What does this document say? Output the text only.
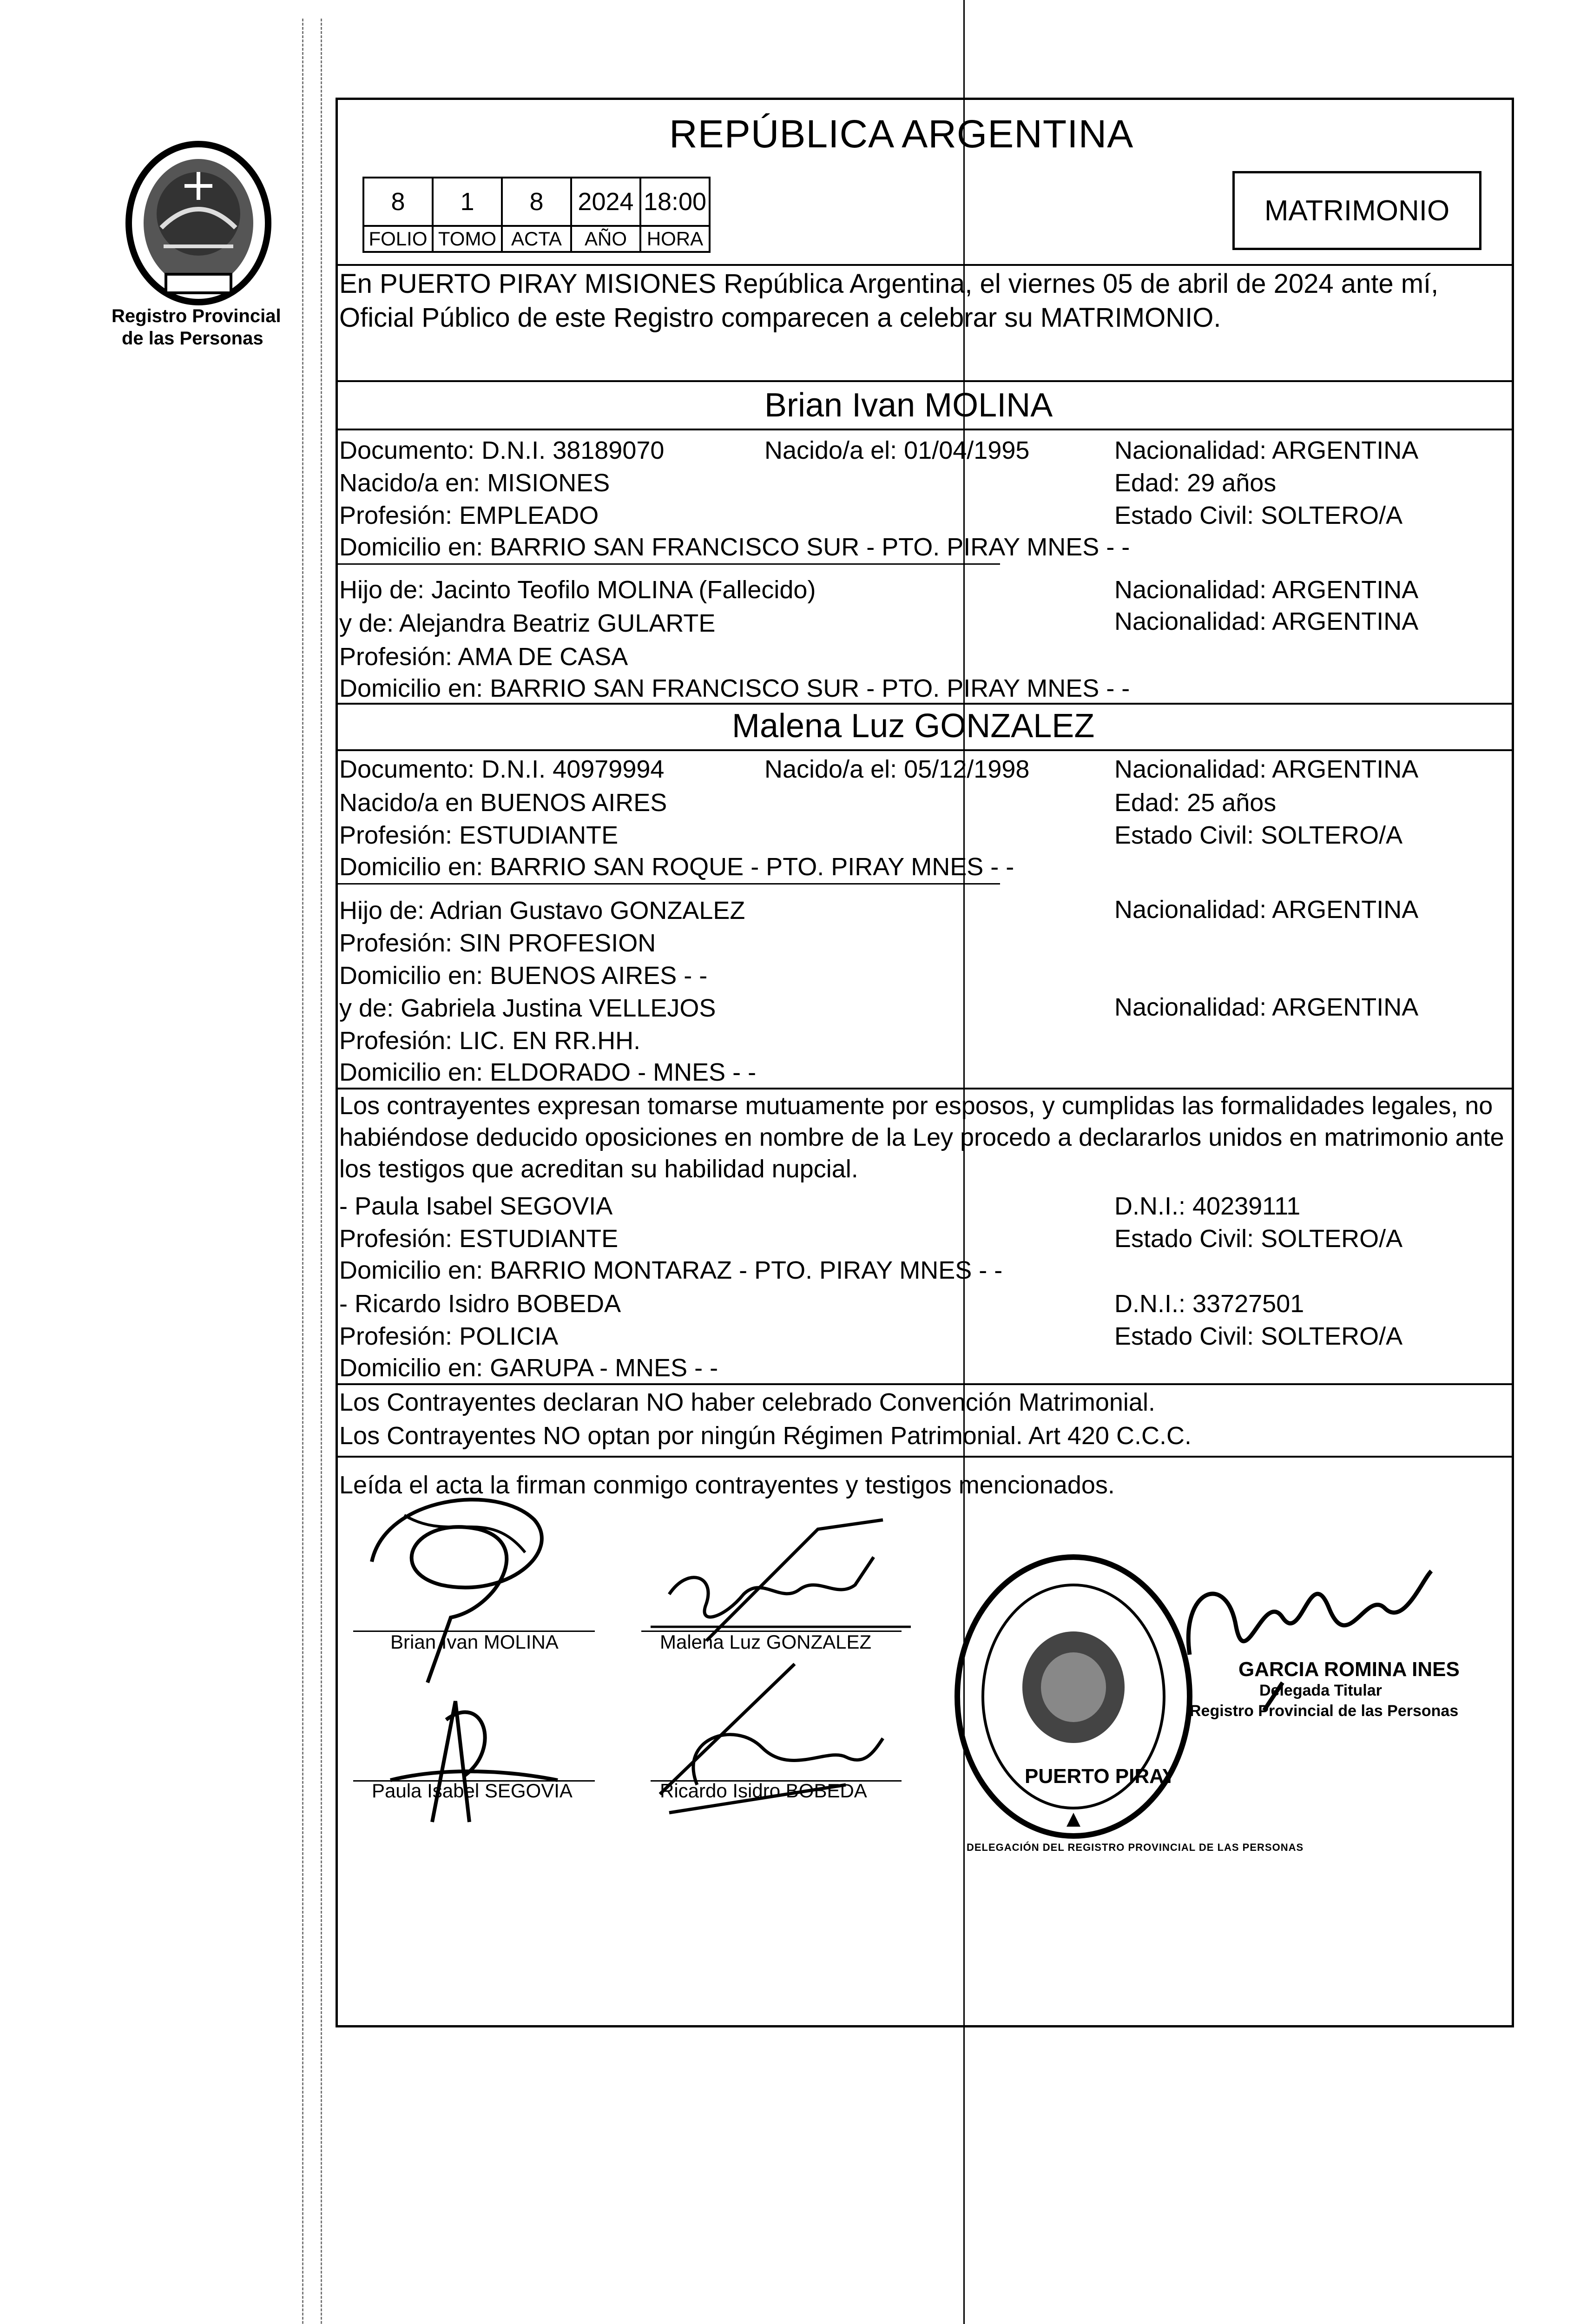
Registro Provincial
de las Personas
REPÚBLICA ARGENTINA
MATRIMONIO
8	1	8	2024	18:00
FOLIO	TOMO	ACTA	AÑO	HORA
En PUERTO PIRAY MISIONES República Argentina, el viernes 05 de abril de 2024 ante mí,
Oficial Público de este Registro comparecen a celebrar su MATRIMONIO.
Brian Ivan MOLINA
Documento: D.N.I. 38189070	Nacido/a el: 01/04/1995	Nacionalidad: ARGENTINA
Nacido/a en: MISIONES	Edad: 29 años
Profesión: EMPLEADO	Estado Civil: SOLTERO/A
Domicilio en: BARRIO SAN FRANCISCO SUR - PTO. PIRAY MNES - -
Hijo de: Jacinto Teofilo MOLINA (Fallecido)	Nacionalidad: ARGENTINA
y de: Alejandra Beatriz GULARTE	Nacionalidad: ARGENTINA
Profesión: AMA DE CASA
Domicilio en: BARRIO SAN FRANCISCO SUR - PTO. PIRAY MNES - -
Malena Luz GONZALEZ
Documento: D.N.I. 40979994	Nacido/a el: 05/12/1998	Nacionalidad: ARGENTINA
Nacido/a en BUENOS AIRES	Edad: 25 años
Profesión: ESTUDIANTE	Estado Civil: SOLTERO/A
Domicilio en: BARRIO SAN ROQUE - PTO. PIRAY MNES - -
Hijo de: Adrian Gustavo GONZALEZ	Nacionalidad: ARGENTINA
Profesión: SIN PROFESION
Domicilio en: BUENOS AIRES - -
y de: Gabriela Justina VELLEJOS	Nacionalidad: ARGENTINA
Profesión: LIC. EN RR.HH.
Domicilio en: ELDORADO - MNES - -
Los contrayentes expresan tomarse mutuamente por esposos, y cumplidas las formalidades legales, no
habiéndose deducido oposiciones en nombre de la Ley procedo a declararlos unidos en matrimonio ante
los testigos que acreditan su habilidad nupcial.
- Paula Isabel SEGOVIA	D.N.I.: 40239111
Profesión: ESTUDIANTE	Estado Civil: SOLTERO/A
Domicilio en: BARRIO MONTARAZ - PTO. PIRAY MNES - -
- Ricardo Isidro BOBEDA	D.N.I.: 33727501
Profesión: POLICIA	Estado Civil: SOLTERO/A
Domicilio en: GARUPA - MNES - -
Los Contrayentes declaran NO haber celebrado Convención Matrimonial.
Los Contrayentes NO optan por ningún Régimen Patrimonial. Art 420 C.C.C.
Leída el acta la firman conmigo contrayentes y testigos mencionados.
Brian Ivan MOLINA	Malena Luz GONZALEZ
Paula Isabel SEGOVIA	Ricardo Isidro BOBEDA
DELEGACIÓN DEL REGISTRO PROVINCIAL DE LAS PERSONAS
PUERTO PIRAY
GARCIA ROMINA INES
Delegada Titular
Registro Provincial de las Personas
